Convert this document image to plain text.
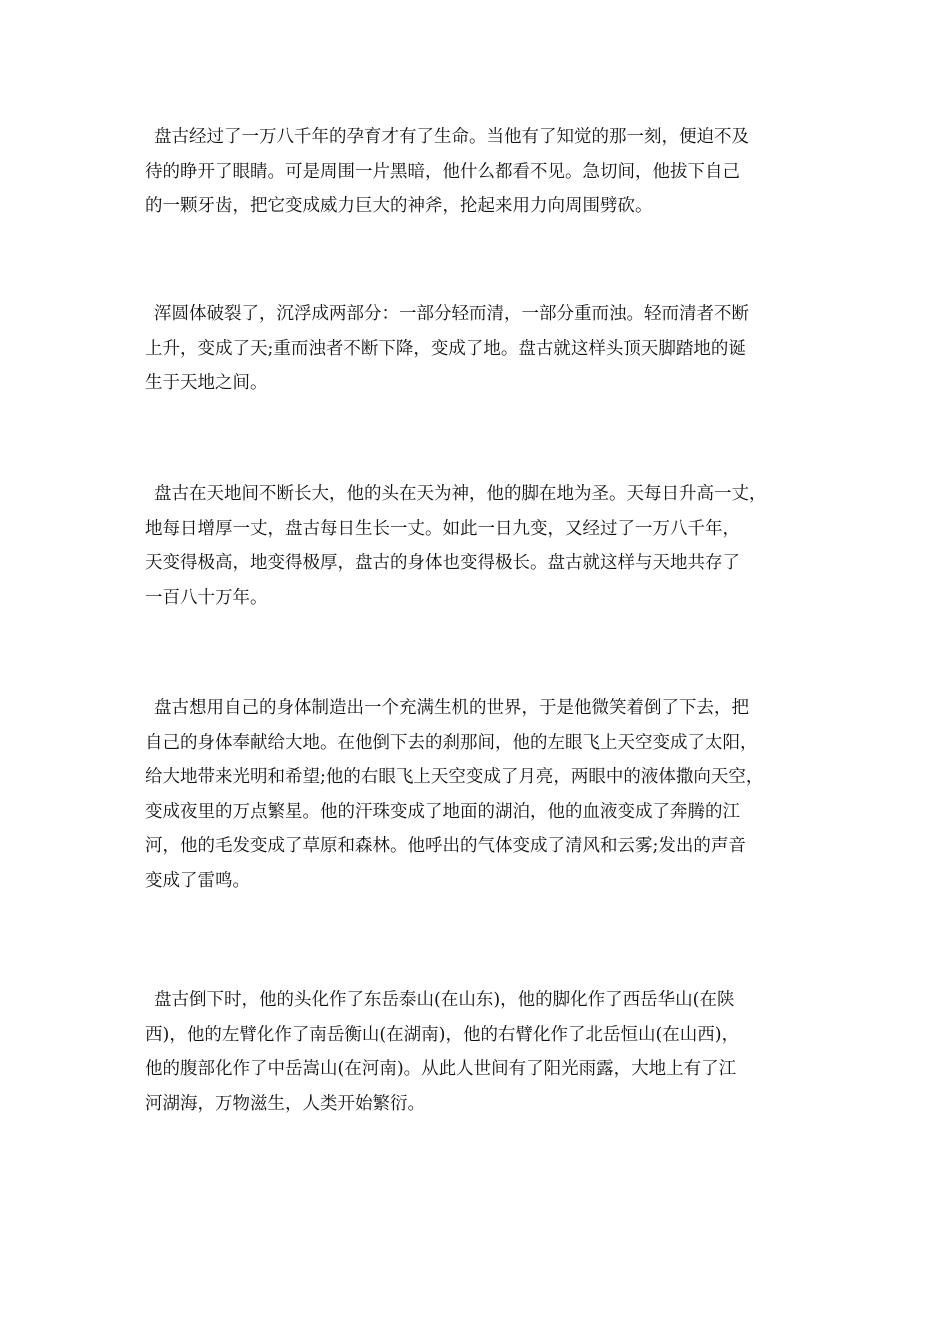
盘古经过了一万八千年的孕育才有了生命。当他有了知觉的那一刻，便迫不及
待的睁开了眼睛。可是周围一片黑暗，他什么都看不见。急切间，他拔下自己
的一颗牙齿，把它变成威力巨大的神斧，抡起来用力向周围劈砍。

浑圆体破裂了，沉浮成两部分：一部分轻而清，一部分重而浊。轻而清者不断
上升，变成了天;重而浊者不断下降，变成了地。盘古就这样头顶天脚踏地的诞
生于天地之间。

盘古在天地间不断长大，他的头在天为神，他的脚在地为圣。天每日升高一丈，
地每日增厚一丈，盘古每日生长一丈。如此一日九变，又经过了一万八千年，
天变得极高，地变得极厚，盘古的身体也变得极长。盘古就这样与天地共存了
一百八十万年。

盘古想用自己的身体制造出一个充满生机的世界，于是他微笑着倒了下去，把
自己的身体奉献给大地。在他倒下去的刹那间，他的左眼飞上天空变成了太阳，
给大地带来光明和希望;他的右眼飞上天空变成了月亮，两眼中的液体撒向天空，
变成夜里的万点繁星。他的汗珠变成了地面的湖泊，他的血液变成了奔腾的江
河，他的毛发变成了草原和森林。他呼出的气体变成了清风和云雾;发出的声音
变成了雷鸣。

盘古倒下时，他的头化作了东岳泰山(在山东)，他的脚化作了西岳华山(在陕
西)，他的左臂化作了南岳衡山(在湖南)，他的右臂化作了北岳恒山(在山西)，
他的腹部化作了中岳嵩山(在河南)。从此人世间有了阳光雨露，大地上有了江
河湖海，万物滋生，人类开始繁衍。
